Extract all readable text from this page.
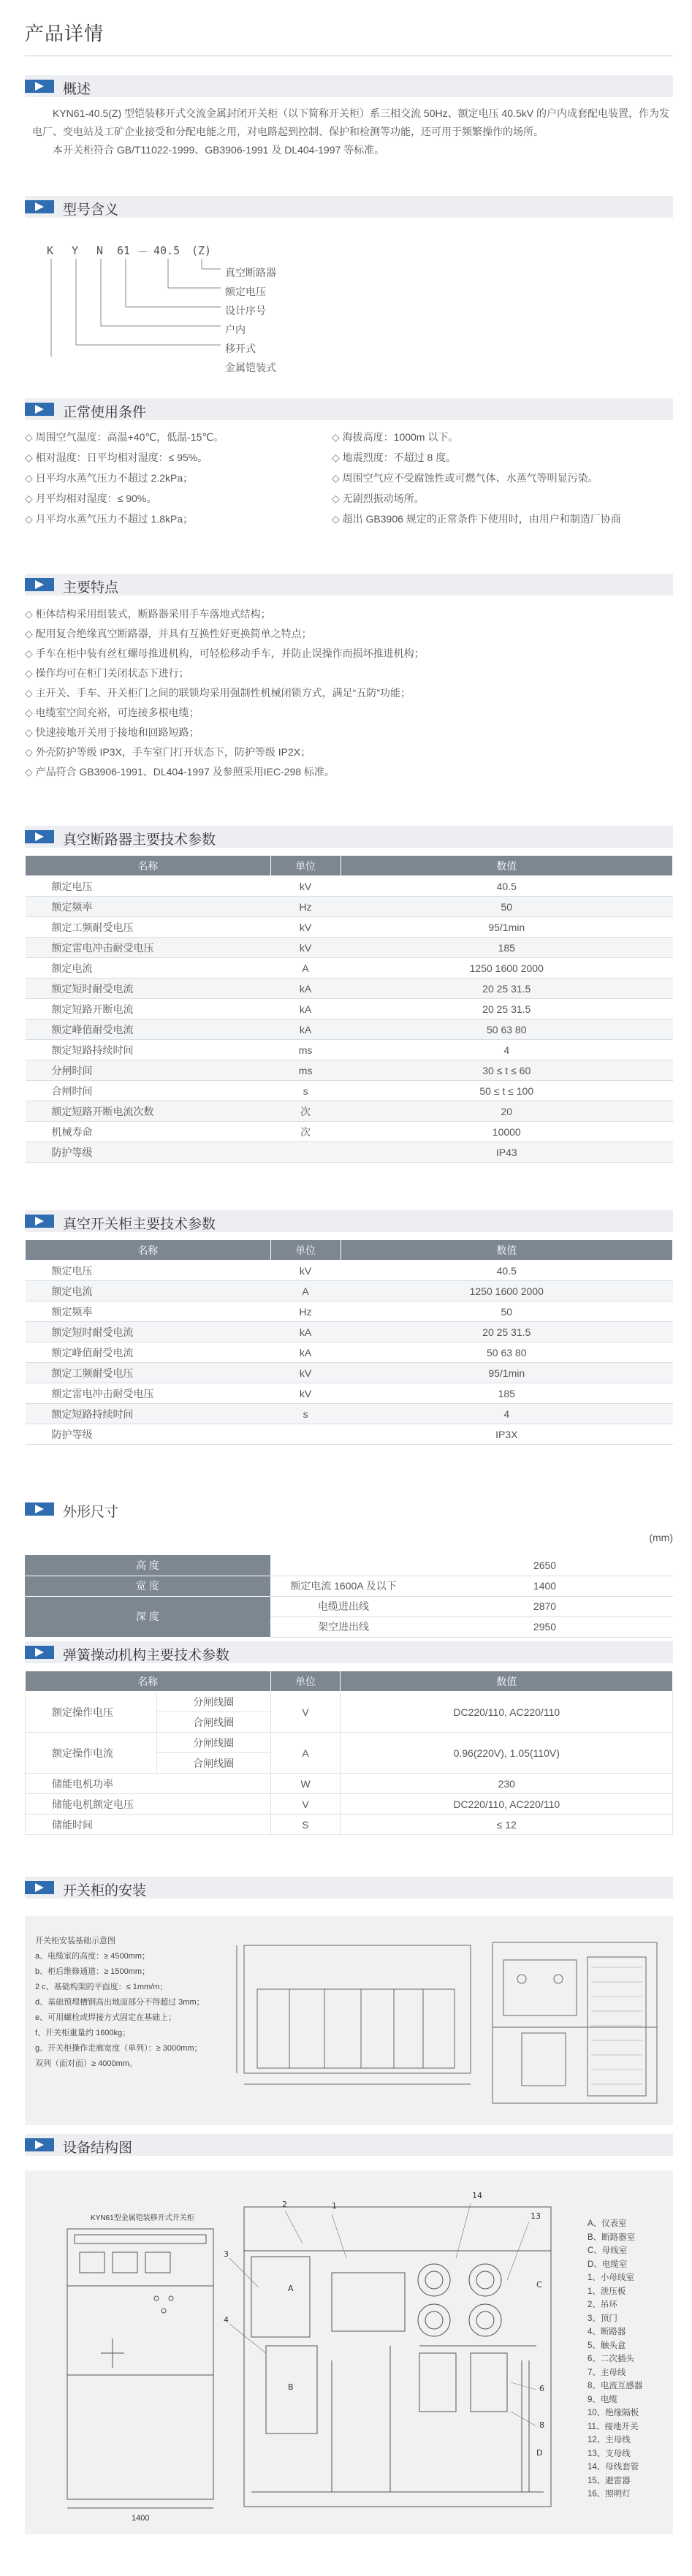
产品详情
概述

KYN61-40.5(Z) 型铠装移开式交流金属封闭开关柜（以下简称开关柜）系三相交流 50Hz、额定电压 40.5kV 的户内成套配电装置，作为发电厂、变电站及工矿企业接受和分配电能之用，对电路起到控制、保护和检测等功能，还可用于频繁操作的场所。

本开关柜符合 GB/T11022-1999、GB3906-1991 及 DL404-1997 等标准。

型号含义
K Y N 61 － 40.5 (Z)
真空断路器
额定电压
设计序号
户内
移开式
金属铠装式
正常使用条件
◇ 周围空气温度：高温+40℃，低温-15℃。	◇ 海拔高度：1000m 以下。
◇ 相对湿度：日平均相对湿度：≤ 95%。	◇ 地震烈度：不超过 8 度。
◇ 日平均水蒸气压力不超过 2.2kPa；	◇ 周围空气应不受腐蚀性或可燃气体、水蒸气等明显污染。
◇ 月平均相对湿度：≤ 90%。	◇ 无剧烈振动场所。
◇ 月平均水蒸气压力不超过 1.8kPa；	◇ 超出 GB3906 规定的正常条件下使用时，由用户和制造厂协商
主要特点
◇ 柜体结构采用组装式，断路器采用手车落地式结构；
◇ 配用复合绝缘真空断路器，并具有互换性好更换简单之特点；
◇ 手车在柜中装有丝杠螺母推进机构，可轻松移动手车，并防止误操作而损坏推进机构；
◇ 操作均可在柜门关闭状态下进行；
◇ 主开关、手车、开关柜门之间的联锁均采用强制性机械闭锁方式，满足“五防”功能；
◇ 电缆室空间充裕，可连接多根电缆；
◇ 快速接地开关用于接地和回路短路；
◇ 外壳防护等级 IP3X，手车室门打开状态下，防护等级 IP2X；
◇ 产品符合 GB3906-1991、DL404-1997 及参照采用IEC-298 标准。
真空断路器主要技术参数
名称	单位	数值
额定电压	kV	40.5
额定频率	Hz	50
额定工频耐受电压	kV	95/1min
额定雷电冲击耐受电压	kV	185
额定电流	A	1250 1600 2000
额定短时耐受电流	kA	20 25 31.5
额定短路开断电流	kA	20 25 31.5
额定峰值耐受电流	kA	50 63 80
额定短路持续时间	ms	4
分闸时间	ms	30 ≤ t ≤ 60
合闸时间	s	50 ≤ t ≤ 100
额定短路开断电流次数	次	20
机械寿命	次	10000
防护等级		IP43
真空开关柜主要技术参数
名称	单位	数值
额定电压	kV	40.5
额定电流	A	1250 1600 2000
额定频率	Hz	50
额定短时耐受电流	kA	20 25 31.5
额定峰值耐受电流	kA	50 63 80
额定工频耐受电压	kV	95/1min
额定雷电冲击耐受电压	kV	185
额定短路持续时间	s	4
防护等级		IP3X
外形尺寸
(mm)
高 度		2650
宽 度	额定电流 1600A 及以下	1400
深 度	电缆进出线	2870
	架空进出线	2950
弹簧操动机构主要技术参数
名称		单位	数值
额定操作电压	分闸线圈	V	DC220/110, AC220/110
	合闸线圈		
额定操作电流	分闸线圈	A	0.96(220V), 1.05(110V)
	合闸线圈		
储能电机功率		W	230
储能电机额定电压		V	DC220/110, AC220/110
储能时间		S	≤ 12
开关柜的安装
开关柜安装基础示意图
a、电缆室的高度：≥ 4500mm；
b、柜后维修通道：≥ 1500mm；
2 c、基础构架的平面度：≤ 1mm/m；
d、基础预埋槽钢高出地面部分不得超过 3mm；
e、可用螺栓或焊接方式固定在基础上；
f、开关柜重量约 1600kg；
g、开关柜操作走廊宽度（单列）：≥ 3000mm；
双列（面对面）≥ 4000mm。
设备结构图
2	1
14
13
3
4
A
B
C
D
6
8
KYN61型金属铠装移开式开关柜
1400
A、仪表室
B、断路器室
C、母线室
D、电缆室
1、小母线室
1、泄压板
2、吊环
3、顶门
4、断路器
5、触头盒
6、二次插头
7、主母线
8、电流互感器
9、电缆
10、绝缘隔板
11、接地开关
12、主母线
13、支母线
14、母线套管
15、避雷器
16、照明灯
